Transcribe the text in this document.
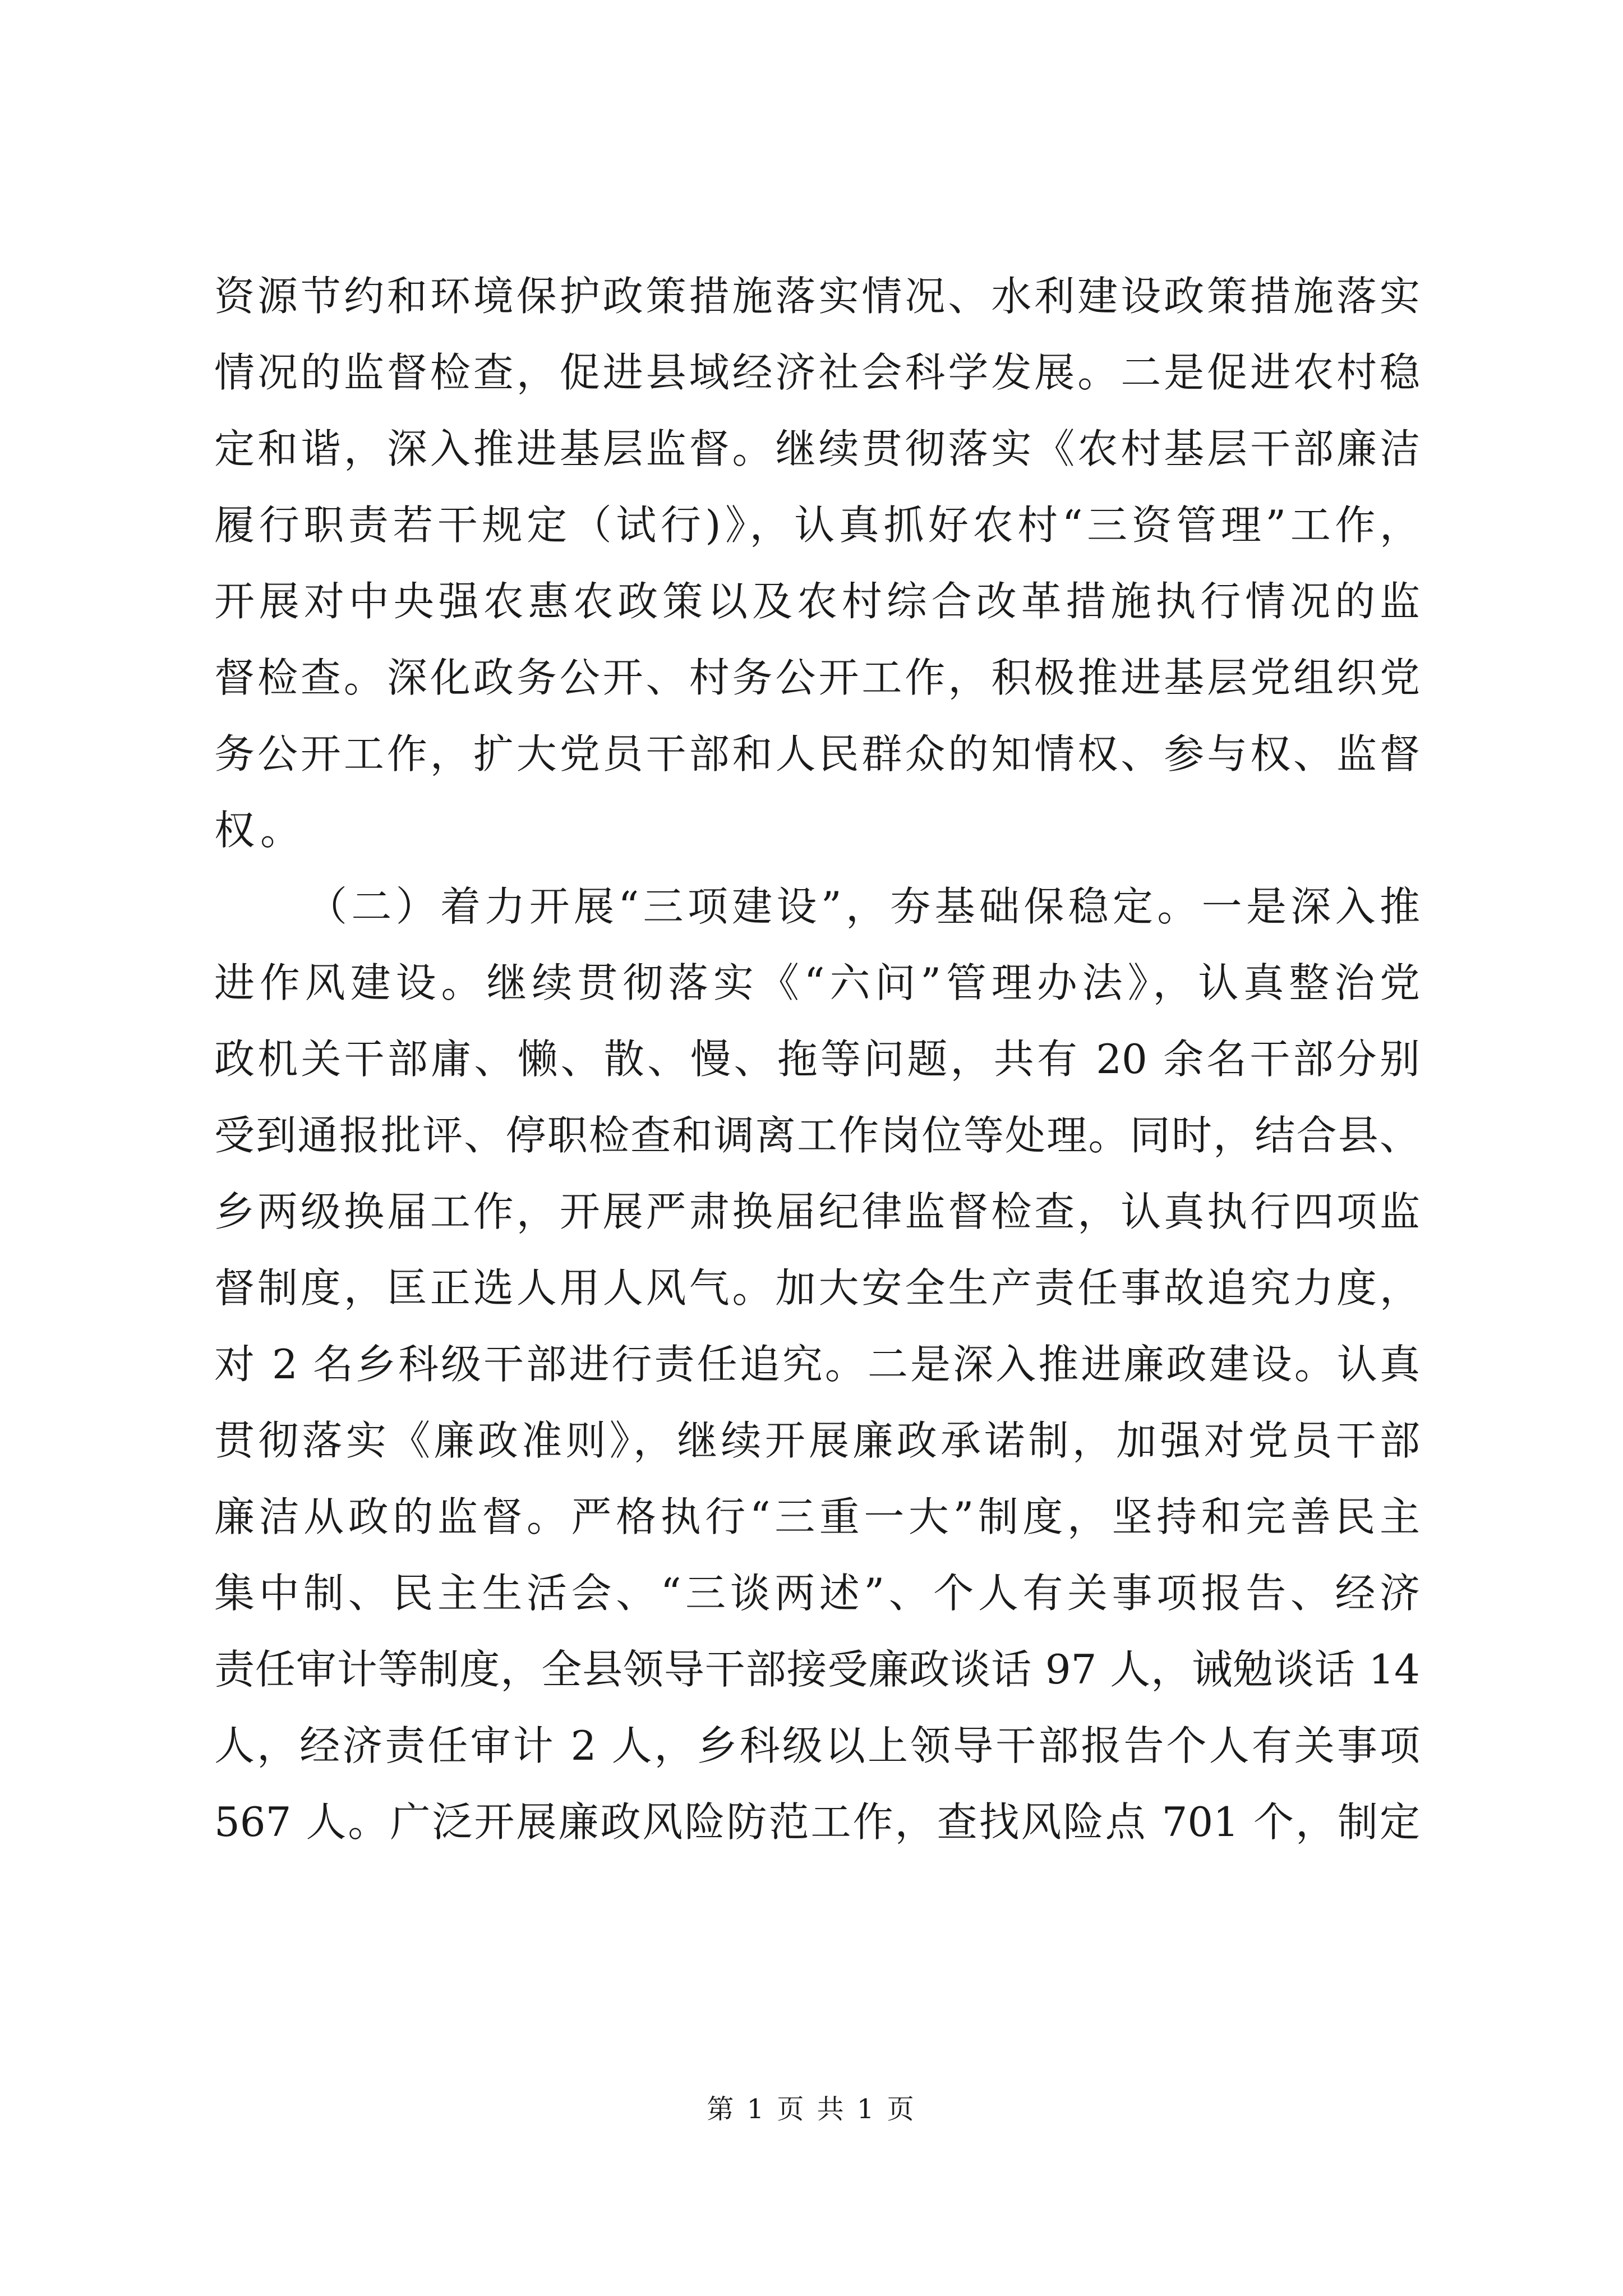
资源节约和环境保护政策措施落实情况、水利建设政策措施落实
情况的监督检查，促进县域经济社会科学发展。二是促进农村稳
定和谐，深入推进基层监督。继续贯彻落实《农村基层干部廉洁
履行职责若干规定（试行)》，认真抓好农村“三资管理”工作，
开展对中央强农惠农政策以及农村综合改革措施执行情况的监
督检查。深化政务公开、村务公开工作，积极推进基层党组织党
务公开工作，扩大党员干部和人民群众的知情权、参与权、监督
权。
（二）着力开展“三项建设”，夯基础保稳定。一是深入推
进作风建设。继续贯彻落实《“六问”管理办法》，认真整治党
政机关干部庸、懒、散、慢、拖等问题，共有 20 余名干部分别
受到通报批评、停职检查和调离工作岗位等处理。同时，结合县、
乡两级换届工作，开展严肃换届纪律监督检查，认真执行四项监
督制度，匡正选人用人风气。加大安全生产责任事故追究力度，
对 2 名乡科级干部进行责任追究。二是深入推进廉政建设。认真
贯彻落实《廉政准则》，继续开展廉政承诺制，加强对党员干部
廉洁从政的监督。严格执行“三重一大”制度，坚持和完善民主
集中制、民主生活会、“三谈两述”、个人有关事项报告、经济
责任审计等制度，全县领导干部接受廉政谈话 97 人，诫勉谈话 14
人，经济责任审计 2 人，乡科级以上领导干部报告个人有关事项
567 人。广泛开展廉政风险防范工作，查找风险点 701 个，制定
第 1 页 共 1 页
